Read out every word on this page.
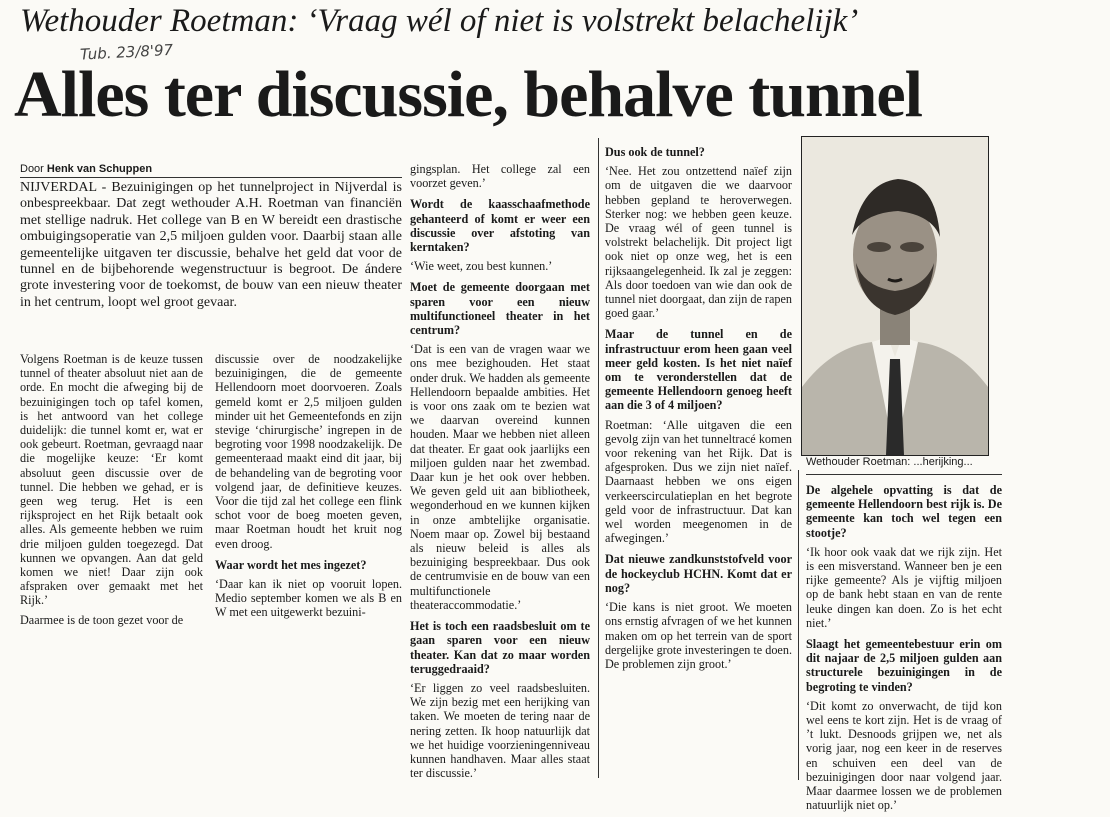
Wethouder Roetman: ‘Vraag wél of niet is volstrekt belachelijk’
Tub. 23/8'97
Alles ter discussie, behalve tunnel
Door Henk van Schuppen

NIJVERDAL - Bezuinigingen op het tunnelproject in Nijverdal is onbespreekbaar. Dat zegt wethouder A.H. Roetman van financiën met stellige nadruk. Het college van B en W bereidt een drastische ombuigingsoperatie van 2,5 miljoen gulden voor. Daarbij staan alle gemeentelijke uitgaven ter discussie, behalve het geld dat voor de tunnel en de bijbehorende wegenstructuur is begroot. De ándere grote investering voor de toekomst, de bouw van een nieuw theater in het centrum, loopt wel groot gevaar.

Volgens Roetman is de keuze tussen tunnel of theater absoluut niet aan de orde. En mocht die afweging bij de bezuinigingen toch op tafel komen, is het antwoord van het college duidelijk: die tunnel komt er, wat er ook gebeurt. Roetman, gevraagd naar die mogelijke keuze: ‘Er komt absoluut geen discussie over de tunnel. Die hebben we gehad, er is geen weg terug. Het is een rijksproject en het Rijk betaalt ook alles. Als gemeente hebben we ruim drie miljoen gulden toegezegd. Dat kunnen we opvangen. Aan dat geld komen we niet! Daar zijn ook afspraken over gemaakt met het Rijk.’

Daarmee is de toon gezet voor de

discussie over de noodzakelijke bezuinigingen, die de gemeente Hellendoorn moet doorvoeren. Zoals gemeld komt er 2,5 miljoen gulden minder uit het Gemeentefonds en zijn stevige ‘chirurgische’ ingrepen in de begroting voor 1998 noodzakelijk. De gemeenteraad maakt eind dit jaar, bij de behandeling van de begroting voor volgend jaar, de definitieve keuzes. Voor die tijd zal het college een flink schot voor de boeg moeten geven, maar Roetman houdt het kruit nog even droog.

Waar wordt het mes ingezet?

‘Daar kan ik niet op vooruit lopen. Medio september komen we als B en W met een uitgewerkt bezuini-

gingsplan. Het college zal een voorzet geven.’

Wordt de kaasschaafmethode gehanteerd of komt er weer een discussie over afstoting van kerntaken?

‘Wie weet, zou best kunnen.’

Moet de gemeente doorgaan met sparen voor een nieuw multifunctioneel theater in het centrum?

‘Dat is een van de vragen waar we ons mee bezighouden. Het staat onder druk. We hadden als gemeente Hellendoorn bepaalde ambities. Het is voor ons zaak om te bezien wat we daarvan overeind kunnen houden. Maar we hebben niet alleen dat theater. Er gaat ook jaarlijks een miljoen gulden naar het zwembad. Daar kun je het ook over hebben. We geven geld uit aan bibliotheek, wegonderhoud en we kunnen kijken in onze ambtelijke organisatie. Noem maar op. Zowel bij bestaand als nieuw beleid is alles als bezuiniging bespreekbaar. Dus ook de centrumvisie en de bouw van een multifunctionele theateraccommodatie.’

Het is toch een raadsbesluit om te gaan sparen voor een nieuw theater. Kan dat zo maar worden teruggedraaid?

‘Er liggen zo veel raadsbesluiten. We zijn bezig met een herijking van taken. We moeten de tering naar de nering zetten. Ik hoop natuurlijk dat we het huidige voorzieningenniveau kunnen handhaven. Maar alles staat ter discussie.’

Dus ook de tunnel?

‘Nee. Het zou ontzettend naïef zijn om de uitgaven die we daarvoor hebben gepland te heroverwegen. Sterker nog: we hebben geen keuze. De vraag wél of geen tunnel is volstrekt belachelijk. Dit project ligt ook niet op onze weg, het is een rijksaangelegenheid. Ik zal je zeggen: Als door toedoen van wie dan ook de tunnel niet doorgaat, dan zijn de rapen goed gaar.’

Maar de tunnel en de infrastructuur erom heen gaan veel meer geld kosten. Is het niet naïef om te veronderstellen dat de gemeente Hellendoorn genoeg heeft aan die 3 of 4 miljoen?

Roetman: ‘Alle uitgaven die een gevolg zijn van het tunneltracé komen voor rekening van het Rijk. Dat is afgesproken. Dus we zijn niet naïef. Daarnaast hebben we ons eigen verkeerscirculatieplan en het begrote geld voor de infrastructuur. Dat kan wel worden meegenomen in de afwegingen.’

Dat nieuwe zandkunststofveld voor de hockeyclub HCHN. Komt dat er nog?

‘Die kans is niet groot. We moeten ons ernstig afvragen of we het kunnen maken om op het terrein van de sport dergelijke grote investeringen te doen. De problemen zijn groot.’

Wethouder Roetman: ...herijking...

De algehele opvatting is dat de gemeente Hellendoorn best rijk is. De gemeente kan toch wel tegen een stootje?

‘Ik hoor ook vaak dat we rijk zijn. Het is een misverstand. Wanneer ben je een rijke gemeente? Als je vijftig miljoen op de bank hebt staan en van de rente leuke dingen kan doen. Zo is het echt niet.’

Slaagt het gemeentebestuur erin om dit najaar de 2,5 miljoen gulden aan structurele bezuinigingen in de begroting te vinden?

‘Dit komt zo onverwacht, de tijd kon wel eens te kort zijn. Het is de vraag of ’t lukt. Desnoods grijpen we, net als vorig jaar, nog een keer in de reserves en schuiven een deel van de bezuinigingen door naar volgend jaar. Maar daarmee lossen we de problemen natuurlijk niet op.’
